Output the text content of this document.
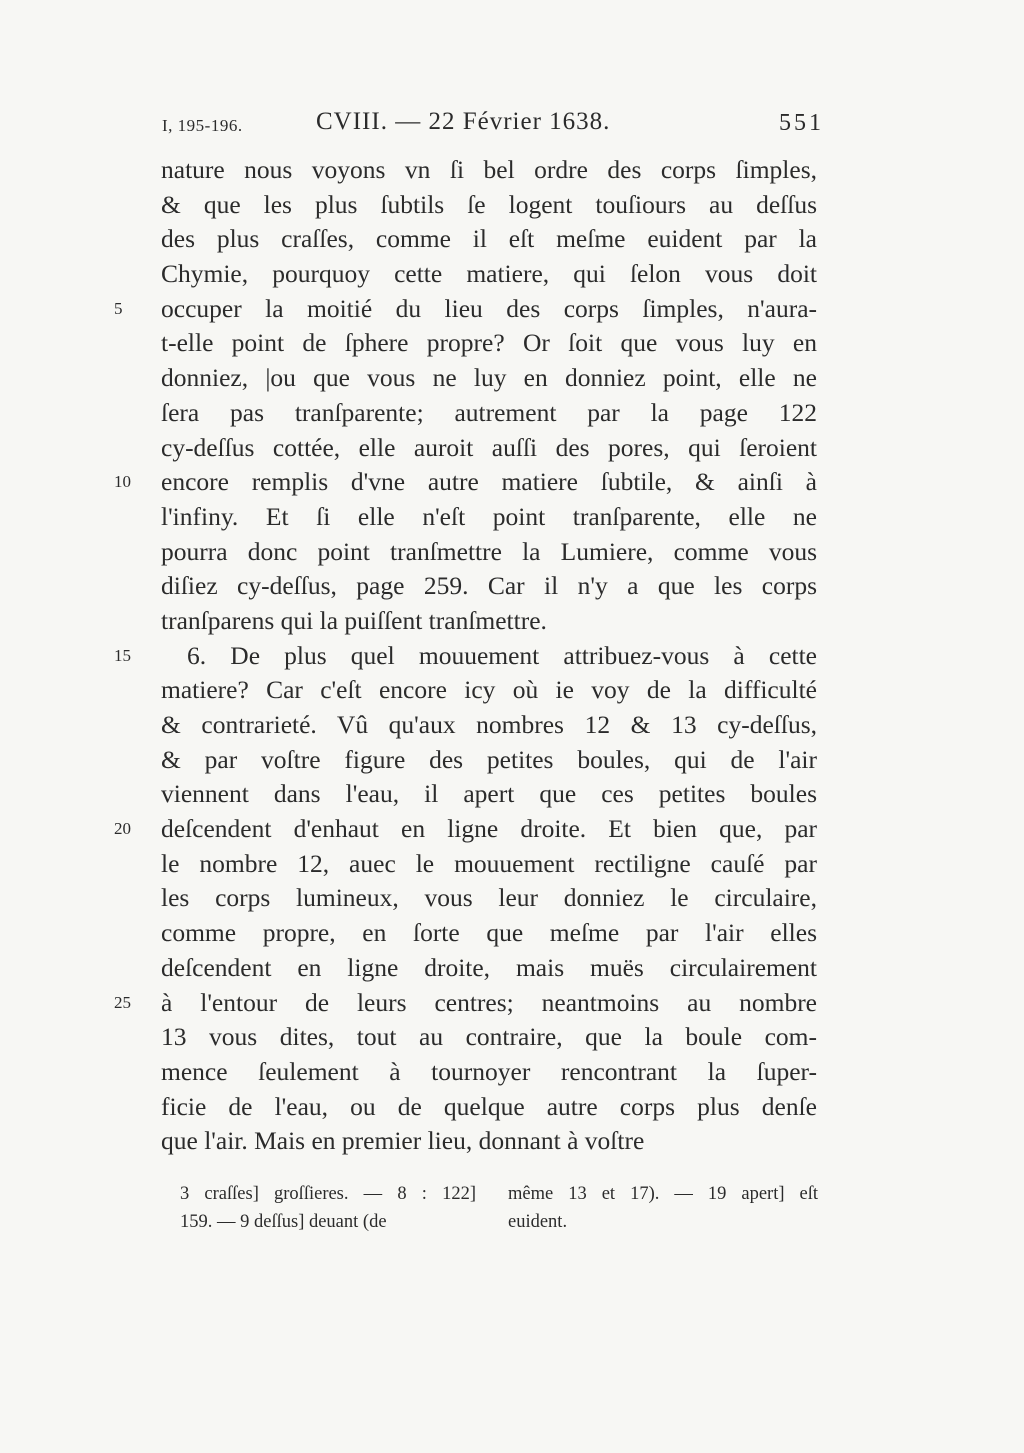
I, 195-196.	CVIII. — 22 Février 1638.	551
nature nous voyons vn ſi bel ordre des corps ſimples,
& que les plus ſubtils ſe logent touſiours au deſſus
des plus craſſes, comme il eſt meſme euident par la
Chymie, pourquoy cette matiere, qui ſelon vous doit
5	occuper la moitié du lieu des corps ſimples, n'aura-
t-elle point de ſphere propre? Or ſoit que vous luy en
donniez, |ou que vous ne luy en donniez point, elle ne
ſera pas tranſparente; autrement par la page 122
cy-deſſus cottée, elle auroit auſſi des pores, qui ſeroient
10 encore remplis d'vne autre matiere ſubtile, & ainſi à
l'infiny. Et ſi elle n'eſt point tranſparente, elle ne
pourra donc point tranſmettre la Lumiere, comme vous
diſiez cy-deſſus, page 259. Car il n'y a que les corps
tranſparens qui la puiſſent tranſmettre.
15	6. De plus quel mouuement attribuez-vous à cette
matiere? Car c'eſt encore icy où ie voy de la difficulté
& contrarieté. Vû qu'aux nombres 12 & 13 cy-deſſus,
& par voſtre figure des petites boules, qui de l'air
viennent dans l'eau, il apert que ces petites boules
20 deſcendent d'enhaut en ligne droite. Et bien que, par
le nombre 12, auec le mouuement rectiligne cauſé par
les corps lumineux, vous leur donniez le circulaire,
comme propre, en ſorte que meſme par l'air elles
deſcendent en ligne droite, mais muës circulairement
25 à l'entour de leurs centres; neantmoins au nombre
13 vous dites, tout au contraire, que la boule com-
mence ſeulement à tournoyer rencontrant la ſuper-
ficie de l'eau, ou de quelque autre corps plus denſe
que l'air. Mais en premier lieu, donnant à voſtre
3 craſſes] groſſieres. — 8 : 122]
159. — 9 deſſus] deuant (de
même 13 et 17). — 19 apert] eſt
euident.
